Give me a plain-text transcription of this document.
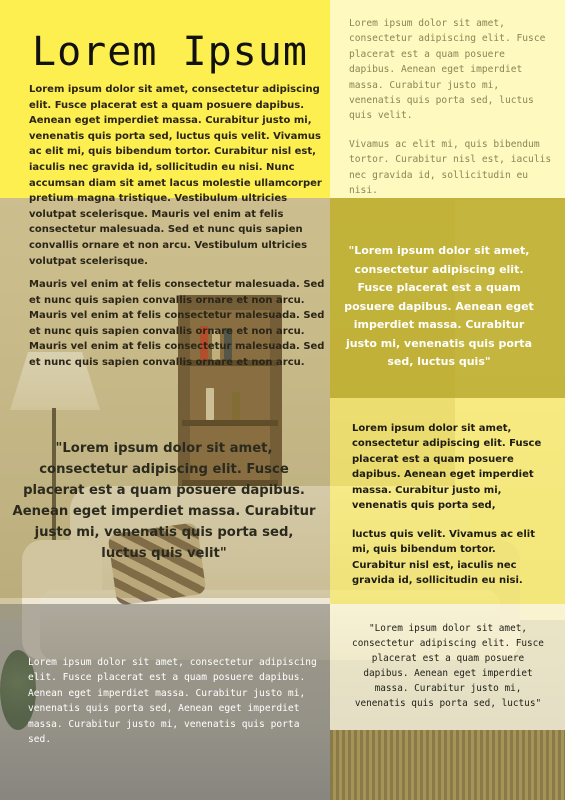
Lorem Ipsum

Lorem ipsum dolor sit amet, consectetur adipiscing elit. Fusce placerat est a quam posuere dapibus. Aenean eget imperdiet massa. Curabitur justo mi, venenatis quis porta sed, luctus quis velit. Vivamus ac elit mi, quis bibendum tortor. Curabitur nisl est, iaculis nec gravida id, sollicitudin eu nisi. Nunc accumsan diam sit amet lacus molestie ullamcorper pretium magna tristique. Vestibulum ultricies volutpat scelerisque. Mauris vel enim at felis consectetur malesuada. Sed et nunc quis sapien convallis ornare et non arcu. Vestibulum ultricies volutpat scelerisque.

Mauris vel enim at felis consectetur malesuada. Sed et nunc quis sapien convallis ornare et non arcu. Mauris vel enim at felis consectetur malesuada. Sed et nunc quis sapien convallis ornare et non arcu. Mauris vel enim at felis consectetur malesuada. Sed et nunc quis sapien convallis ornare et non arcu.

Lorem ipsum dolor sit amet, consectetur adipiscing elit. Fusce placerat est a quam posuere dapibus. Aenean eget imperdiet massa. Curabitur justo mi, venenatis quis porta sed, luctus quis velit.

Vivamus ac elit mi, quis bibendum tortor. Curabitur nisl est, iaculis nec gravida id, sollicitudin eu nisi.

"Lorem ipsum dolor sit amet, consectetur adipiscing elit. Fusce placerat est a quam posuere dapibus. Aenean eget imperdiet massa. Curabitur justo mi, venenatis quis porta sed, luctus quis"

"Lorem ipsum dolor sit amet, consectetur adipiscing elit. Fusce placerat est a quam posuere dapibus. Aenean eget imperdiet massa. Curabitur justo mi, venenatis quis porta sed, luctus quis velit"

Lorem ipsum dolor sit amet, consectetur adipiscing elit. Fusce placerat est a quam posuere dapibus. Aenean eget imperdiet massa. Curabitur justo mi, venenatis quis porta sed,

luctus quis velit. Vivamus ac elit mi, quis bibendum tortor. Curabitur nisl est, iaculis nec gravida id, sollicitudin eu nisi.

Lorem ipsum dolor sit amet, consectetur adipiscing elit. Fusce placerat est a quam posuere dapibus. Aenean eget imperdiet massa. Curabitur justo mi, venenatis quis porta sed, Aenean eget imperdiet massa. Curabitur justo mi, venenatis quis porta sed.

"Lorem ipsum dolor sit amet, consectetur adipiscing elit. Fusce placerat est a quam posuere dapibus. Aenean eget imperdiet massa. Curabitur justo mi, venenatis quis porta sed, luctus"
